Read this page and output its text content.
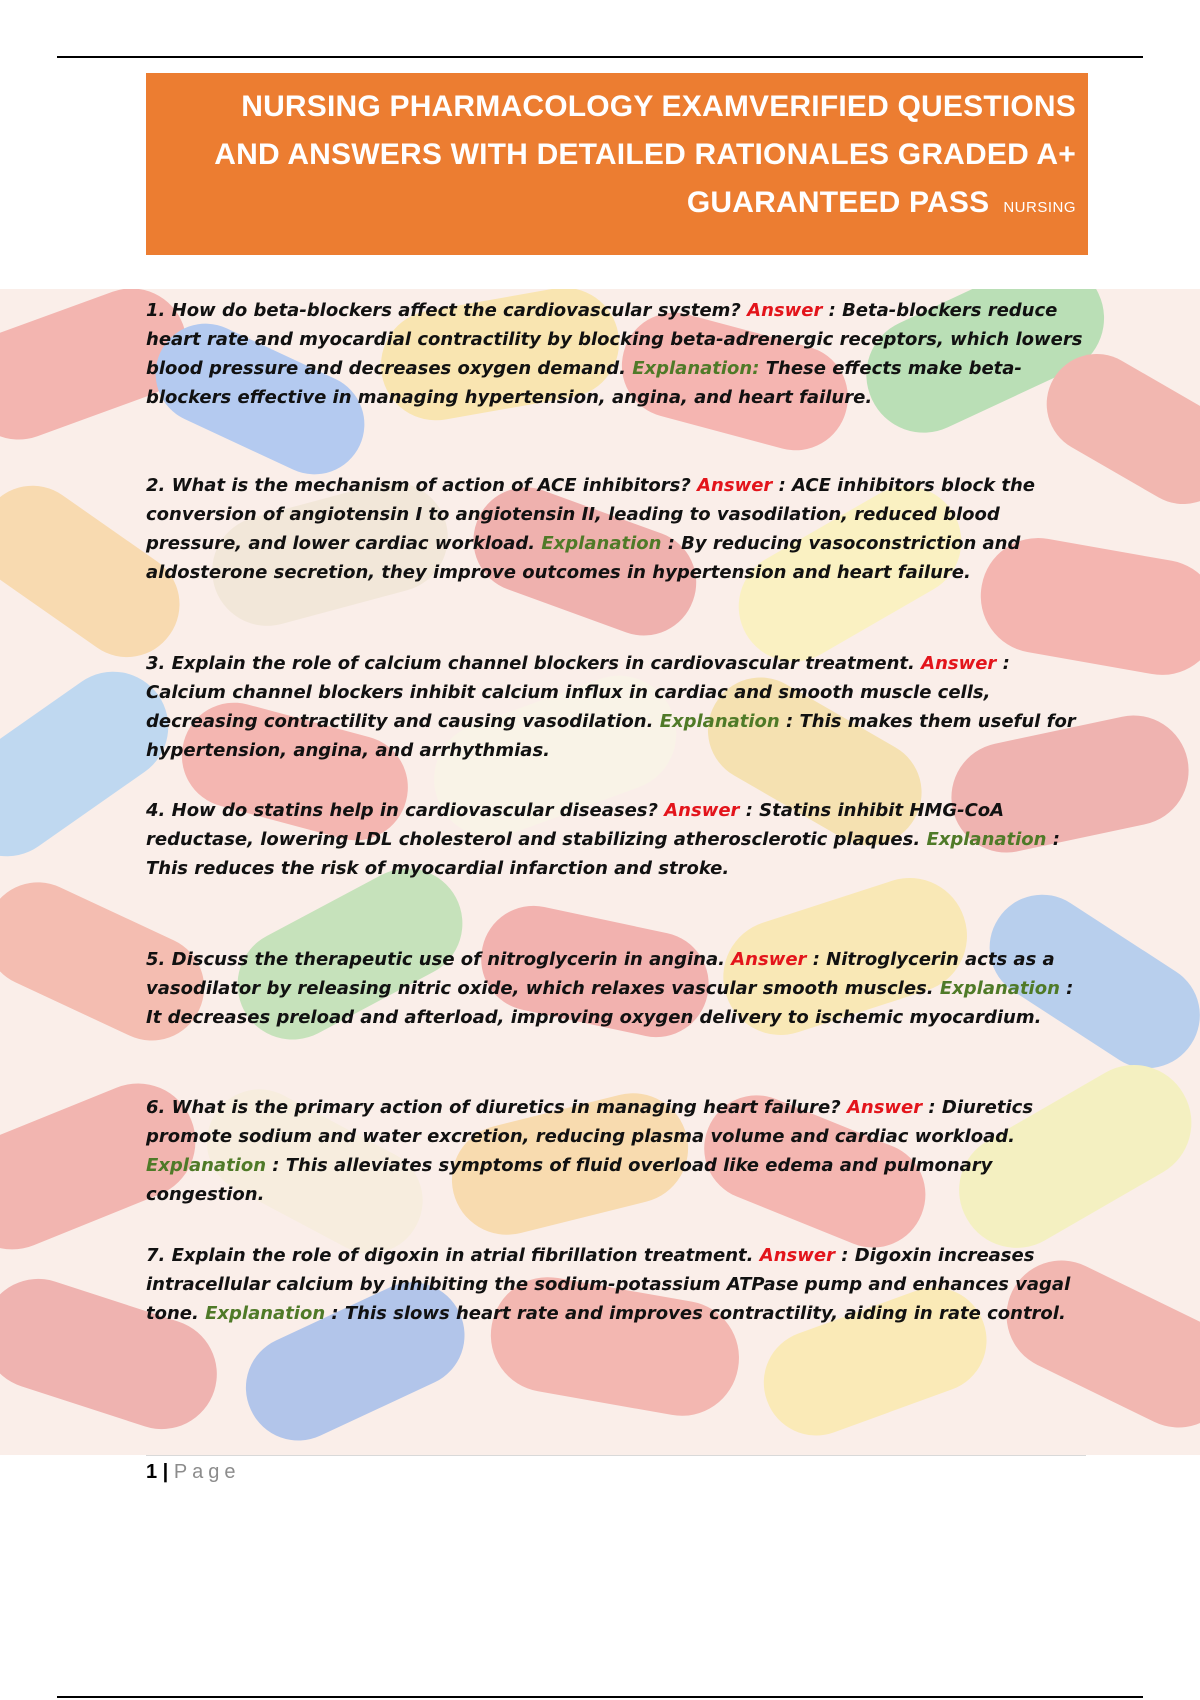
NURSING PHARMACOLOGY EXAMVERIFIED QUESTIONS
AND ANSWERS WITH DETAILED RATIONALES GRADED A+
GUARANTEED PASS NURSING

1. How do beta-blockers affect the cardiovascular system? Answer : Beta-blockers reduce heart rate and myocardial contractility by blocking beta-adrenergic receptors, which lowers blood pressure and decreases oxygen demand. Explanation: These effects make beta-blockers effective in managing hypertension, angina, and heart failure.

2. What is the mechanism of action of ACE inhibitors? Answer : ACE inhibitors block the conversion of angiotensin I to angiotensin II, leading to vasodilation, reduced blood pressure, and lower cardiac workload. Explanation : By reducing vasoconstriction and aldosterone secretion, they improve outcomes in hypertension and heart failure.

3. Explain the role of calcium channel blockers in cardiovascular treatment. Answer : Calcium channel blockers inhibit calcium influx in cardiac and smooth muscle cells, decreasing contractility and causing vasodilation. Explanation : This makes them useful for hypertension, angina, and arrhythmias.

4. How do statins help in cardiovascular diseases? Answer : Statins inhibit HMG-CoA reductase, lowering LDL cholesterol and stabilizing atherosclerotic plaques. Explanation : This reduces the risk of myocardial infarction and stroke.

5. Discuss the therapeutic use of nitroglycerin in angina. Answer : Nitroglycerin acts as a vasodilator by releasing nitric oxide, which relaxes vascular smooth muscles. Explanation : It decreases preload and afterload, improving oxygen delivery to ischemic myocardium.

6. What is the primary action of diuretics in managing heart failure? Answer : Diuretics promote sodium and water excretion, reducing plasma volume and cardiac workload. Explanation : This alleviates symptoms of fluid overload like edema and pulmonary congestion.

7. Explain the role of digoxin in atrial fibrillation treatment. Answer : Digoxin increases intracellular calcium by inhibiting the sodium-potassium ATPase pump and enhances vagal tone. Explanation : This slows heart rate and improves contractility, aiding in rate control.

1 | Page
